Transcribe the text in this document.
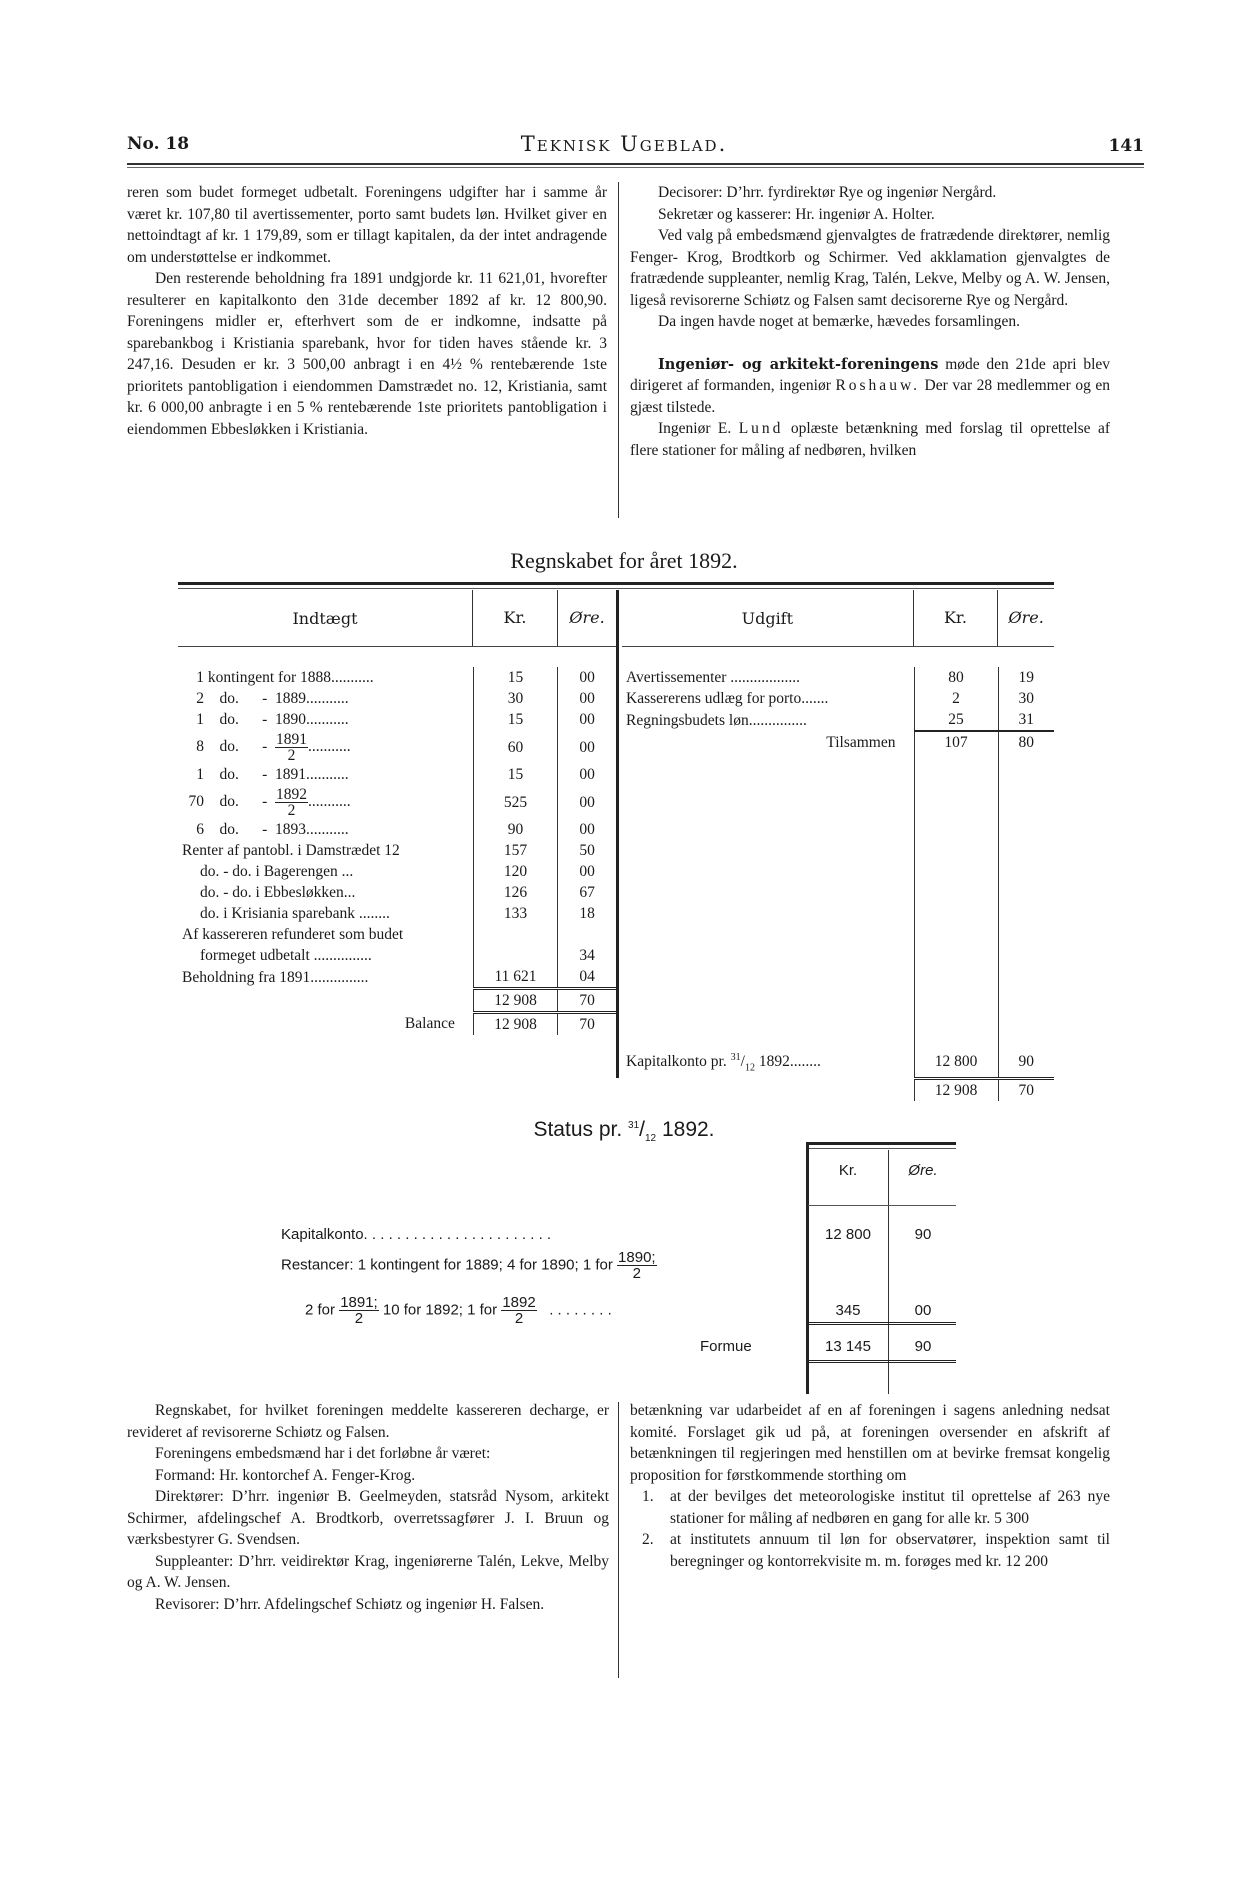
No. 18	Teknisk Ugeblad.	141

reren som budet formeget udbetalt. Foreningens udgifter har i samme år været kr. 107,80 til avertissementer, porto samt budets løn. Hvilket giver en nettoindtagt af kr. 1 179,89, som er tillagt kapitalen, da der intet andragende om understøttelse er indkommet.

Den resterende beholdning fra 1891 undgjorde kr. 11 621,01, hvorefter resulterer en kapitalkonto den 31de december 1892 af kr. 12 800,90. Foreningens midler er, efterhvert som de er indkomne, indsatte på sparebankbog i Kristiania sparebank, hvor for tiden haves stående kr. 3 247,16. Desuden er kr. 3 500,00 anbragt i en 4½ % rentebærende 1ste prioritets pantobligation i eiendommen Damstrædet no. 12, Kristiania, samt kr. 6 000,00 anbragte i en 5 % rentebærende 1ste prioritets pantobligation i eiendommen Ebbesløkken i Kristiania.

Decisorer: D’hrr. fyrdirektør Rye og ingeniør Nergård.

Sekretær og kasserer: Hr. ingeniør A. Holter.

Ved valg på embedsmænd gjenvalgtes de fratrædende direktører, nemlig Fenger- Krog, Brodtkorb og Schirmer. Ved akklamation gjenvalgtes de fratrædende suppleanter, nemlig Krag, Talén, Lekve, Melby og A. W. Jensen, ligeså revisorerne Schiøtz og Falsen samt decisorerne Rye og Nergård.

Da ingen havde noget at bemærke, hævedes forsamlingen.

Ingeniør- og arkitekt-foreningens møde den 21de apri blev dirigeret af formanden, ingeniør Roshauw. Der var 28 medlemmer og en gjæst tilstede.

Ingeniør E. Lund oplæste betænkning med forslag til oprettelse af flere stationer for måling af nedbøren, hvilken

Regnskabet for året 1892.
Indtægt	Kr.	Øre.
1 kontingent for 1888...........	15	00
2 do.      -  1889...........	30	00
1 do.      -  1890...........	15	00
8 do.      - $\frac{1891}{2}$ ...........	60	00
1 do.      -  1891...........	15	00
70 do.      - $\frac{1892}{2}$ ...........	525	00
6 do.      -  1893...........	90	00
Renter af pantobl. i Damstrædet 12	157	50
do. - do. i Bagerengen ...	120	00
do. - do. i Ebbesløkken...	126	67
do. i Krisiania sparebank ........	133	18
Af kassereren refunderet som budet		
formeget udbetalt ...............		34
Beholdning fra 1891...............	11 621	04
	12 908	70
Balance	12 908	70
Udgift	Kr.	Øre.
Avertissementer ..................	80	19
Kassererens udlæg for porto.......	2	30
Regningsbudets løn...............	25	31
Tilsammen	107	80

Kapitalkonto pr. $^{31}/_{12}$ 1892........	12 800	90
	12 908	70
Status pr. $^{31}/_{12}$ 1892.
Kr.	Øre.
Kapitalkonto. . . . . . . . . . . . . . . . . . . . . . .	12 800	90
Restancer: 1 kontingent for 1889; 4 for 1890; 1 for $\frac{1890;}{2}$
2 for $\frac{1891;}{2} 10$ for 1892; 1 for $\frac{1892}{2}$ . . . . . . . .	345	00
Formue	13 145	90

Regnskabet, for hvilket foreningen meddelte kassereren decharge, er revideret af revisorerne Schiøtz og Falsen.

Foreningens embedsmænd har i det forløbne år været:

Formand: Hr. kontorchef A. Fenger-Krog.

Direktører: D’hrr. ingeniør B. Geelmeyden, statsråd Nysom, arkitekt Schirmer, afdelingschef A. Brodtkorb, overretssagfører J. I. Bruun og værksbestyrer G. Svendsen.

Suppleanter: D’hrr. veidirektør Krag, ingeniørerne Talén, Lekve, Melby og A. W. Jensen.

Revisorer: D’hrr. Afdelingschef Schiøtz og ingeniør H. Falsen.

betænkning var udarbeidet af en af foreningen i sagens anledning nedsat komité. Forslaget gik ud på, at foreningen oversender en afskrift af betænkningen til regjeringen med henstillen om at bevirke fremsat kongelig proposition for førstkommende storthing om

1. at der bevilges det meteorologiske institut til oprettelse af 263 nye stationer for måling af nedbøren en gang for alle kr. 5 300

2. at institutets annuum til løn for observatører, inspektion samt til beregninger og kontorrekvisite m. m. forøges med kr. 12 200
